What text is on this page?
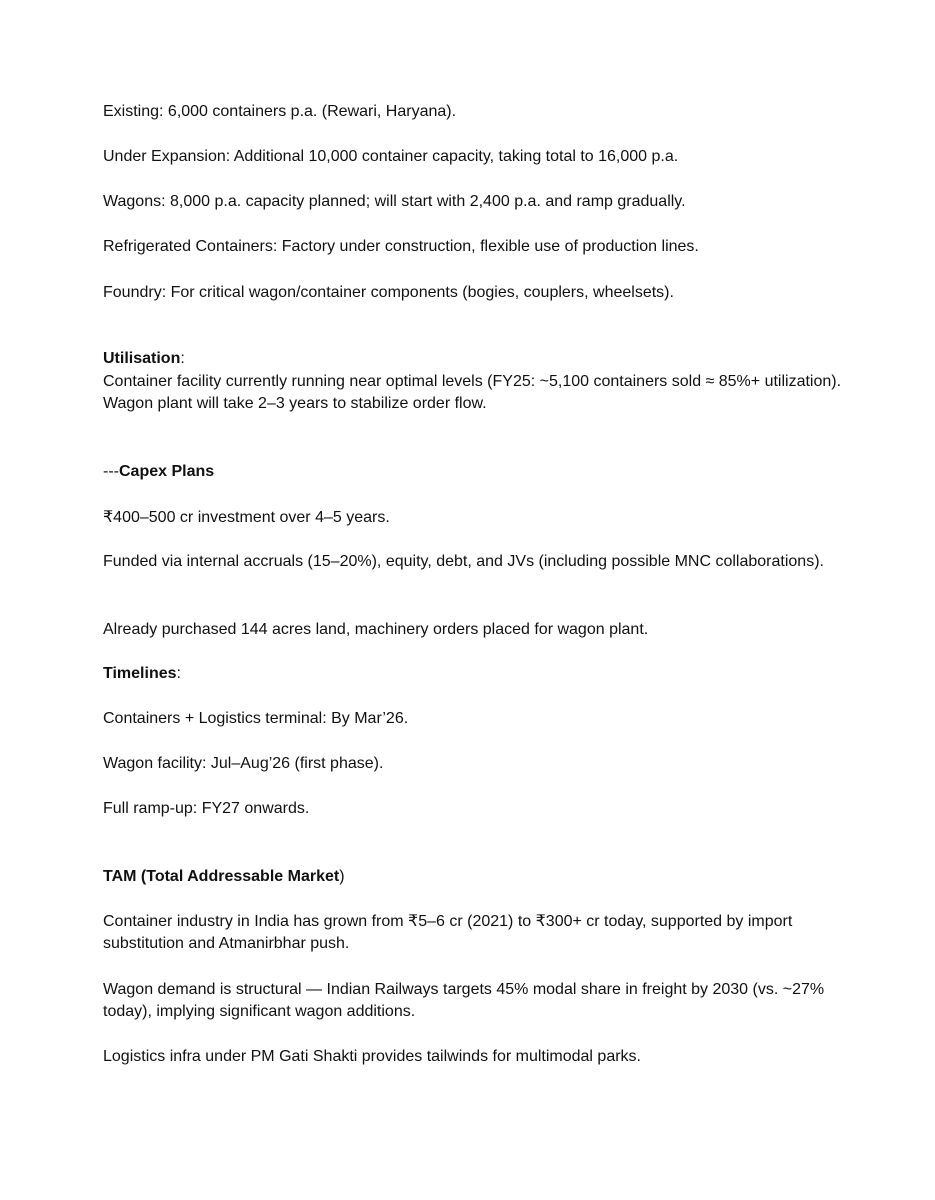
Existing: 6,000 containers p.a. (Rewari, Haryana).

Under Expansion: Additional 10,000 container capacity, taking total to 16,000 p.a.

Wagons: 8,000 p.a. capacity planned; will start with 2,400 p.a. and ramp gradually.

Refrigerated Containers: Factory under construction, flexible use of production lines.

Foundry: For critical wagon/container components (bogies, couplers, wheelsets).

Utilisation:

Container facility currently running near optimal levels (FY25: ~5,100 containers sold ≈ 85%+ utilization). Wagon plant will take 2–3 years to stabilize order flow.

---Capex Plans

₹400–500 cr investment over 4–5 years.

Funded via internal accruals (15–20%), equity, debt, and JVs (including possible MNC collaborations).

Already purchased 144 acres land, machinery orders placed for wagon plant.

Timelines:

Containers + Logistics terminal: By Mar’26.

Wagon facility: Jul–Aug’26 (first phase).

Full ramp-up: FY27 onwards.

TAM (Total Addressable Market)

Container industry in India has grown from ₹5–6 cr (2021) to ₹300+ cr today, supported by import substitution and Atmanirbhar push.

Wagon demand is structural — Indian Railways targets 45% modal share in freight by 2030 (vs. ~27% today), implying significant wagon additions.

Logistics infra under PM Gati Shakti provides tailwinds for multimodal parks.
